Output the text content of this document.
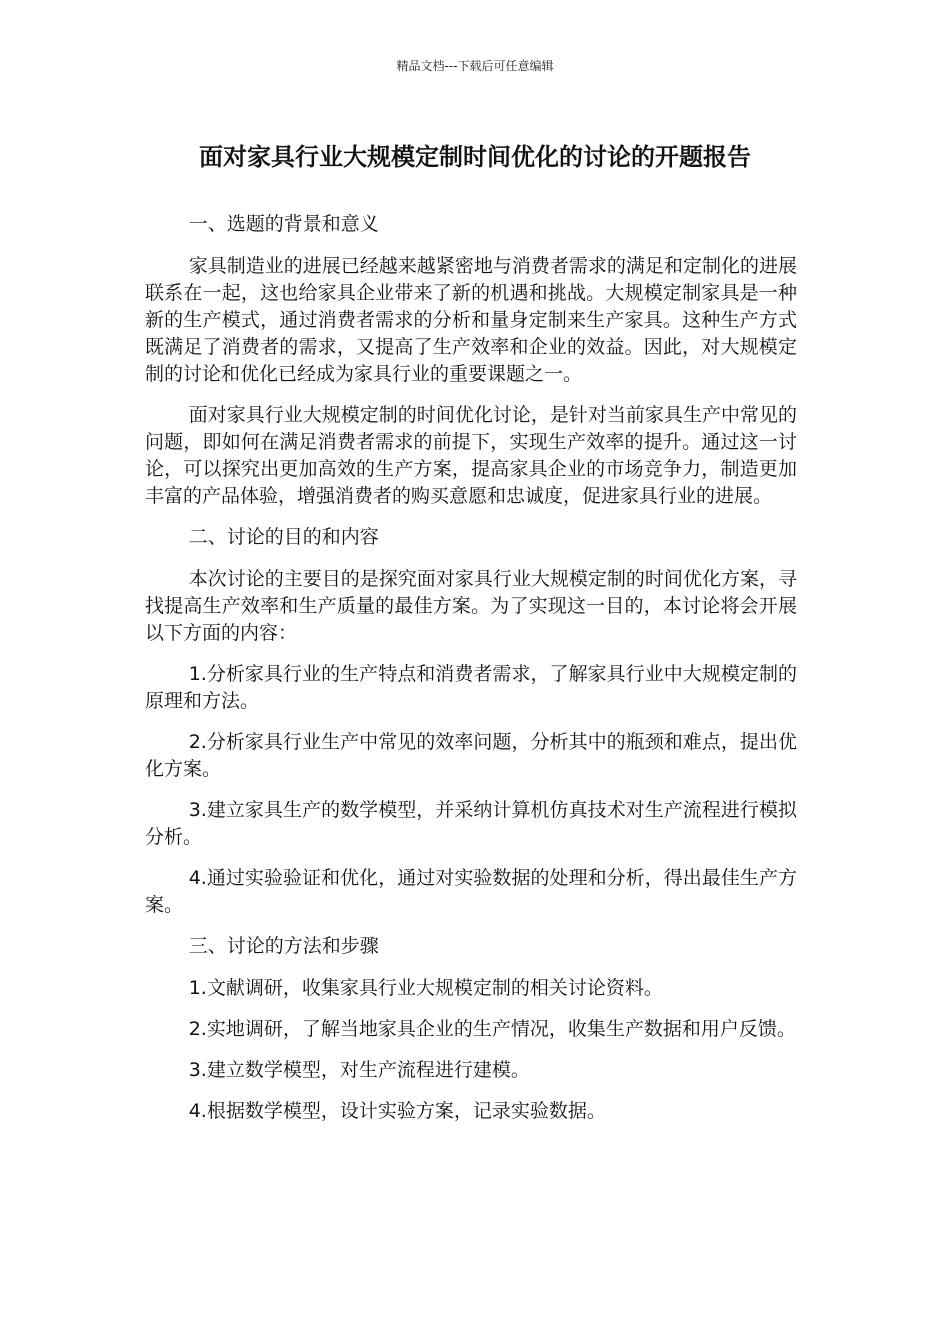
精品文档---下载后可任意编辑
面对家具行业大规模定制时间优化的讨论的开题报告

一、选题的背景和意义

家具制造业的进展已经越来越紧密地与消费者需求的满足和定制化的进展联系在一起，这也给家具企业带来了新的机遇和挑战。大规模定制家具是一种新的生产模式，通过消费者需求的分析和量身定制来生产家具。这种生产方式既满足了消费者的需求，又提高了生产效率和企业的效益。因此，对大规模定制的讨论和优化已经成为家具行业的重要课题之一。

面对家具行业大规模定制的时间优化讨论，是针对当前家具生产中常见的问题，即如何在满足消费者需求的前提下，实现生产效率的提升。通过这一讨论，可以探究出更加高效的生产方案，提高家具企业的市场竞争力，制造更加丰富的产品体验，增强消费者的购买意愿和忠诚度，促进家具行业的进展。

二、讨论的目的和内容

本次讨论的主要目的是探究面对家具行业大规模定制的时间优化方案，寻找提高生产效率和生产质量的最佳方案。为了实现这一目的，本讨论将会开展以下方面的内容：

1.分析家具行业的生产特点和消费者需求，了解家具行业中大规模定制的原理和方法。

2.分析家具行业生产中常见的效率问题，分析其中的瓶颈和难点，提出优化方案。

3.建立家具生产的数学模型，并采纳计算机仿真技术对生产流程进行模拟分析。

4.通过实验验证和优化，通过对实验数据的处理和分析，得出最佳生产方案。

三、讨论的方法和步骤

1.文献调研，收集家具行业大规模定制的相关讨论资料。

2.实地调研，了解当地家具企业的生产情况，收集生产数据和用户反馈。

3.建立数学模型，对生产流程进行建模。

4.根据数学模型，设计实验方案，记录实验数据。
